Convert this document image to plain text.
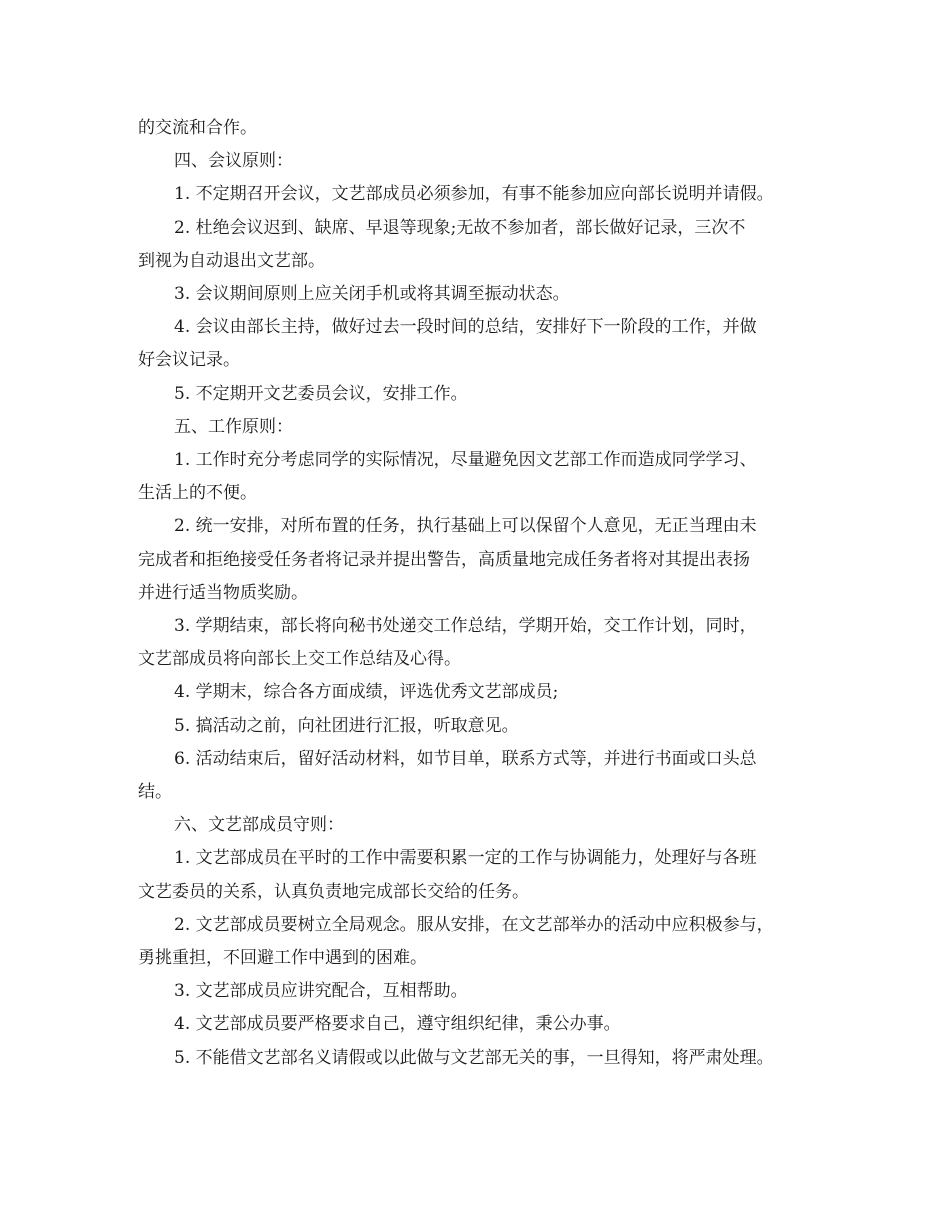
的交流和合作。

四、会议原则：

1. 不定期召开会议，文艺部成员必须参加，有事不能参加应向部长说明并请假。

2. 杜绝会议迟到、缺席、早退等现象;无故不参加者，部长做好记录，三次不

到视为自动退出文艺部。

3. 会议期间原则上应关闭手机或将其调至振动状态。

4. 会议由部长主持，做好过去一段时间的总结，安排好下一阶段的工作，并做

好会议记录。

5. 不定期开文艺委员会议，安排工作。

五、工作原则：

1. 工作时充分考虑同学的实际情况，尽量避免因文艺部工作而造成同学学习、

生活上的不便。

2. 统一安排，对所布置的任务，执行基础上可以保留个人意见，无正当理由未

完成者和拒绝接受任务者将记录并提出警告，高质量地完成任务者将对其提出表扬

并进行适当物质奖励。

3. 学期结束，部长将向秘书处递交工作总结，学期开始，交工作计划，同时，

文艺部成员将向部长上交工作总结及心得。

4. 学期末，综合各方面成绩，评选优秀文艺部成员;

5. 搞活动之前，向社团进行汇报，听取意见。

6. 活动结束后，留好活动材料，如节目单，联系方式等，并进行书面或口头总

结。

六、文艺部成员守则：

1. 文艺部成员在平时的工作中需要积累一定的工作与协调能力，处理好与各班

文艺委员的关系，认真负责地完成部长交给的任务。

2. 文艺部成员要树立全局观念。服从安排，在文艺部举办的活动中应积极参与，

勇挑重担，不回避工作中遇到的困难。

3. 文艺部成员应讲究配合，互相帮助。

4. 文艺部成员要严格要求自己，遵守组织纪律，秉公办事。

5. 不能借文艺部名义请假或以此做与文艺部无关的事，一旦得知，将严肃处理。
